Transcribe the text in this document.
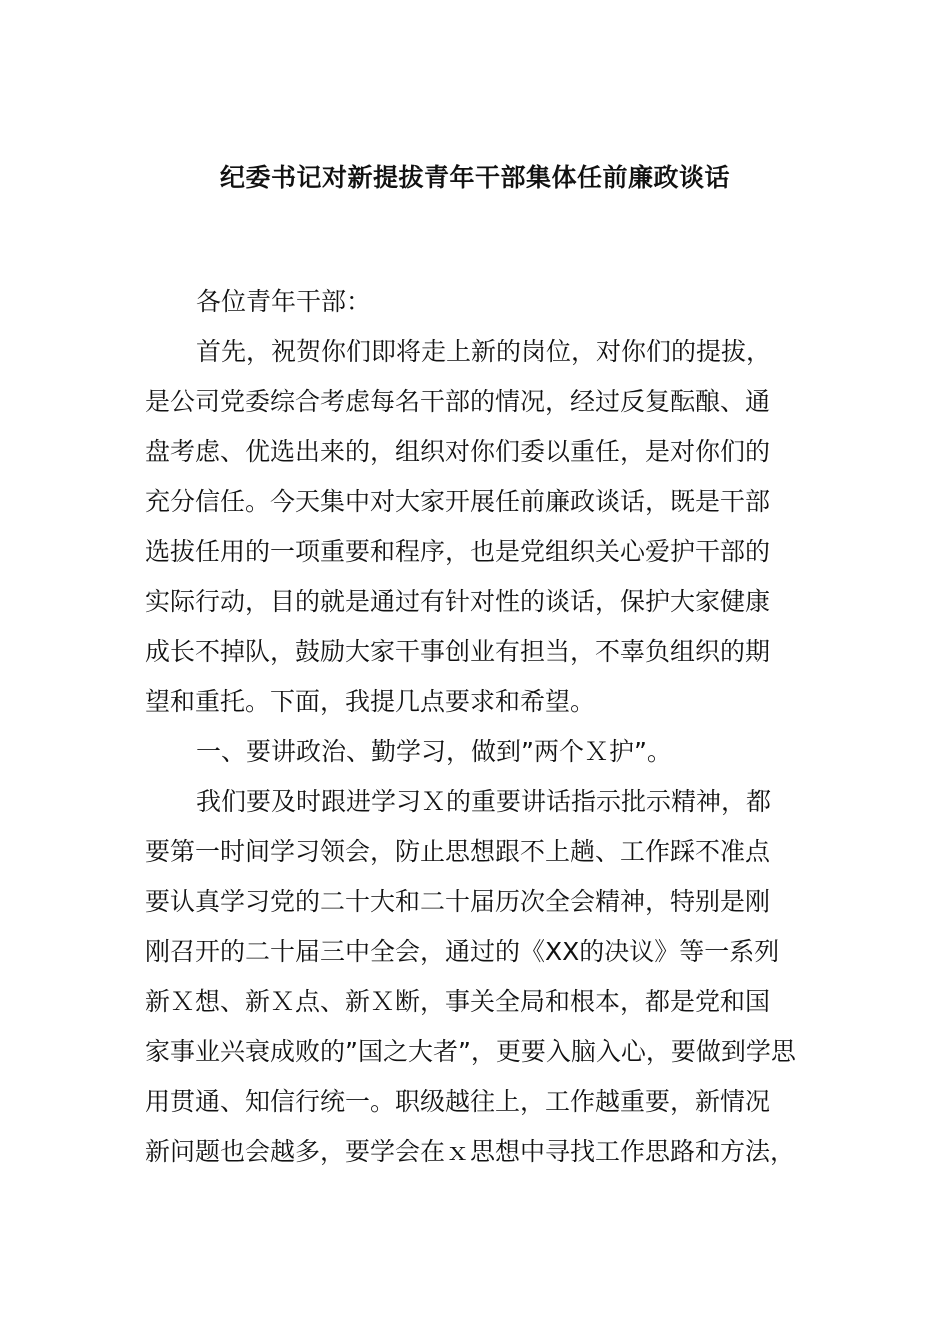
纪委书记对新提拔青年干部集体任前廉政谈话
各位青年干部：
首先，祝贺你们即将走上新的岗位，对你们的提拔，
是公司党委综合考虑每名干部的情况，经过反复酝酿、通
盘考虑、优选出来的，组织对你们委以重任，是对你们的
充分信任。今天集中对大家开展任前廉政谈话，既是干部
选拔任用的一项重要和程序，也是党组织关心爱护干部的
实际行动，目的就是通过有针对性的谈话，保护大家健康
成长不掉队，鼓励大家干事创业有担当，不辜负组织的期
望和重托。下面，我提几点要求和希望。
一、要讲政治、勤学习，做到”两个Ｘ护”。
我们要及时跟进学习Ｘ的重要讲话指示批示精神，都
要第一时间学习领会，防止思想跟不上趟、工作踩不准点
要认真学习党的二十大和二十届历次全会精神，特别是刚
刚召开的二十届三中全会，通过的《XX的决议》等一系列
新Ｘ想、新Ｘ点、新Ｘ断，事关全局和根本，都是党和国
家事业兴衰成败的”国之大者”，更要入脑入心，要做到学思
用贯通、知信行统一。职级越往上，工作越重要，新情况
新问题也会越多，要学会在ｘ思想中寻找工作思路和方法，
